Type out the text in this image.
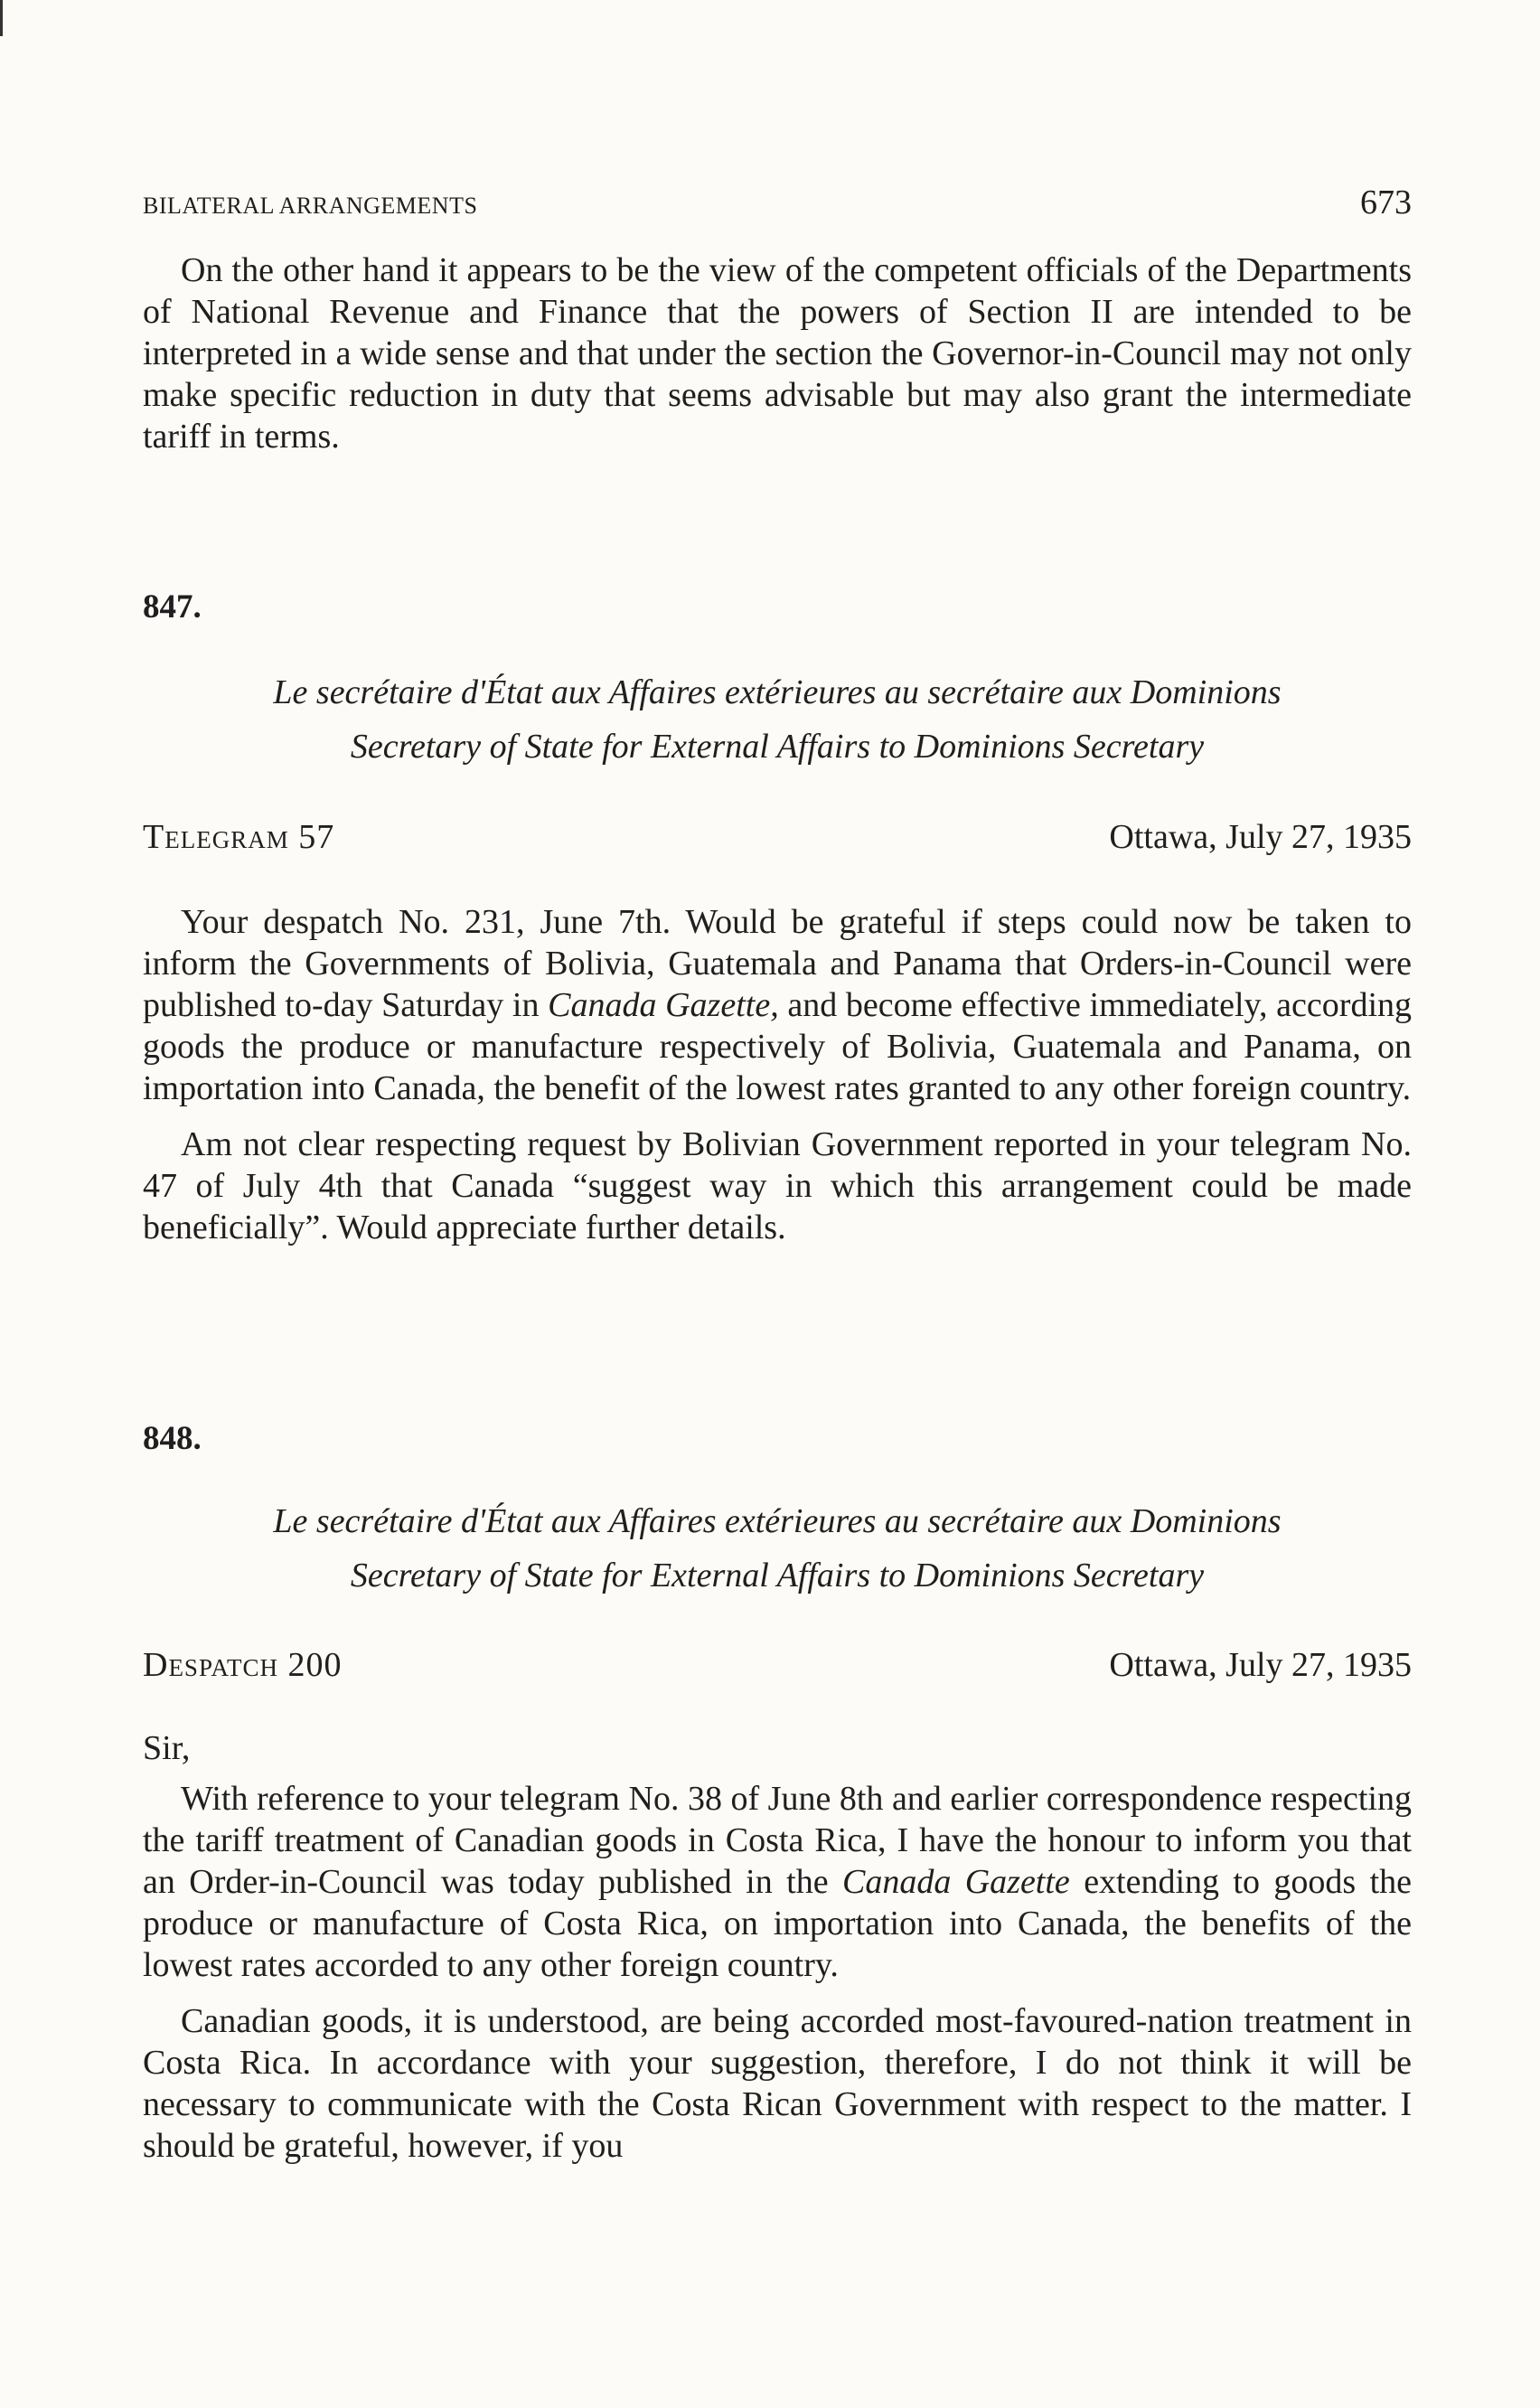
BILATERAL ARRANGEMENTS	673

On the other hand it appears to be the view of the competent officials of the Departments of National Revenue and Finance that the powers of Section II are intended to be interpreted in a wide sense and that under the section the Governor-in-Council may not only make specific reduction in duty that seems advisable but may also grant the intermediate tariff in terms.

847.
Le secrétaire d'État aux Affaires extérieures au secrétaire aux Dominions
Secretary of State for External Affairs to Dominions Secretary
Telegram 57	Ottawa, July 27, 1935

Your despatch No. 231, June 7th. Would be grateful if steps could now be taken to inform the Governments of Bolivia, Guatemala and Panama that Orders-in-Council were published to-day Saturday in Canada Gazette, and become effective immediately, according goods the produce or manufacture respectively of Bolivia, Guatemala and Panama, on importation into Canada, the benefit of the lowest rates granted to any other foreign country.

Am not clear respecting request by Bolivian Government reported in your telegram No. 47 of July 4th that Canada “suggest way in which this arrangement could be made beneficially”. Would appreciate further details.

848.
Le secrétaire d'État aux Affaires extérieures au secrétaire aux Dominions
Secretary of State for External Affairs to Dominions Secretary
Despatch 200	Ottawa, July 27, 1935
Sir,

With reference to your telegram No. 38 of June 8th and earlier correspondence respecting the tariff treatment of Canadian goods in Costa Rica, I have the honour to inform you that an Order-in-Council was today published in the Canada Gazette extending to goods the produce or manufacture of Costa Rica, on importation into Canada, the benefits of the lowest rates accorded to any other foreign country.

Canadian goods, it is understood, are being accorded most-favoured-nation treatment in Costa Rica. In accordance with your suggestion, therefore, I do not think it will be necessary to communicate with the Costa Rican Government with respect to the matter. I should be grateful, however, if you
